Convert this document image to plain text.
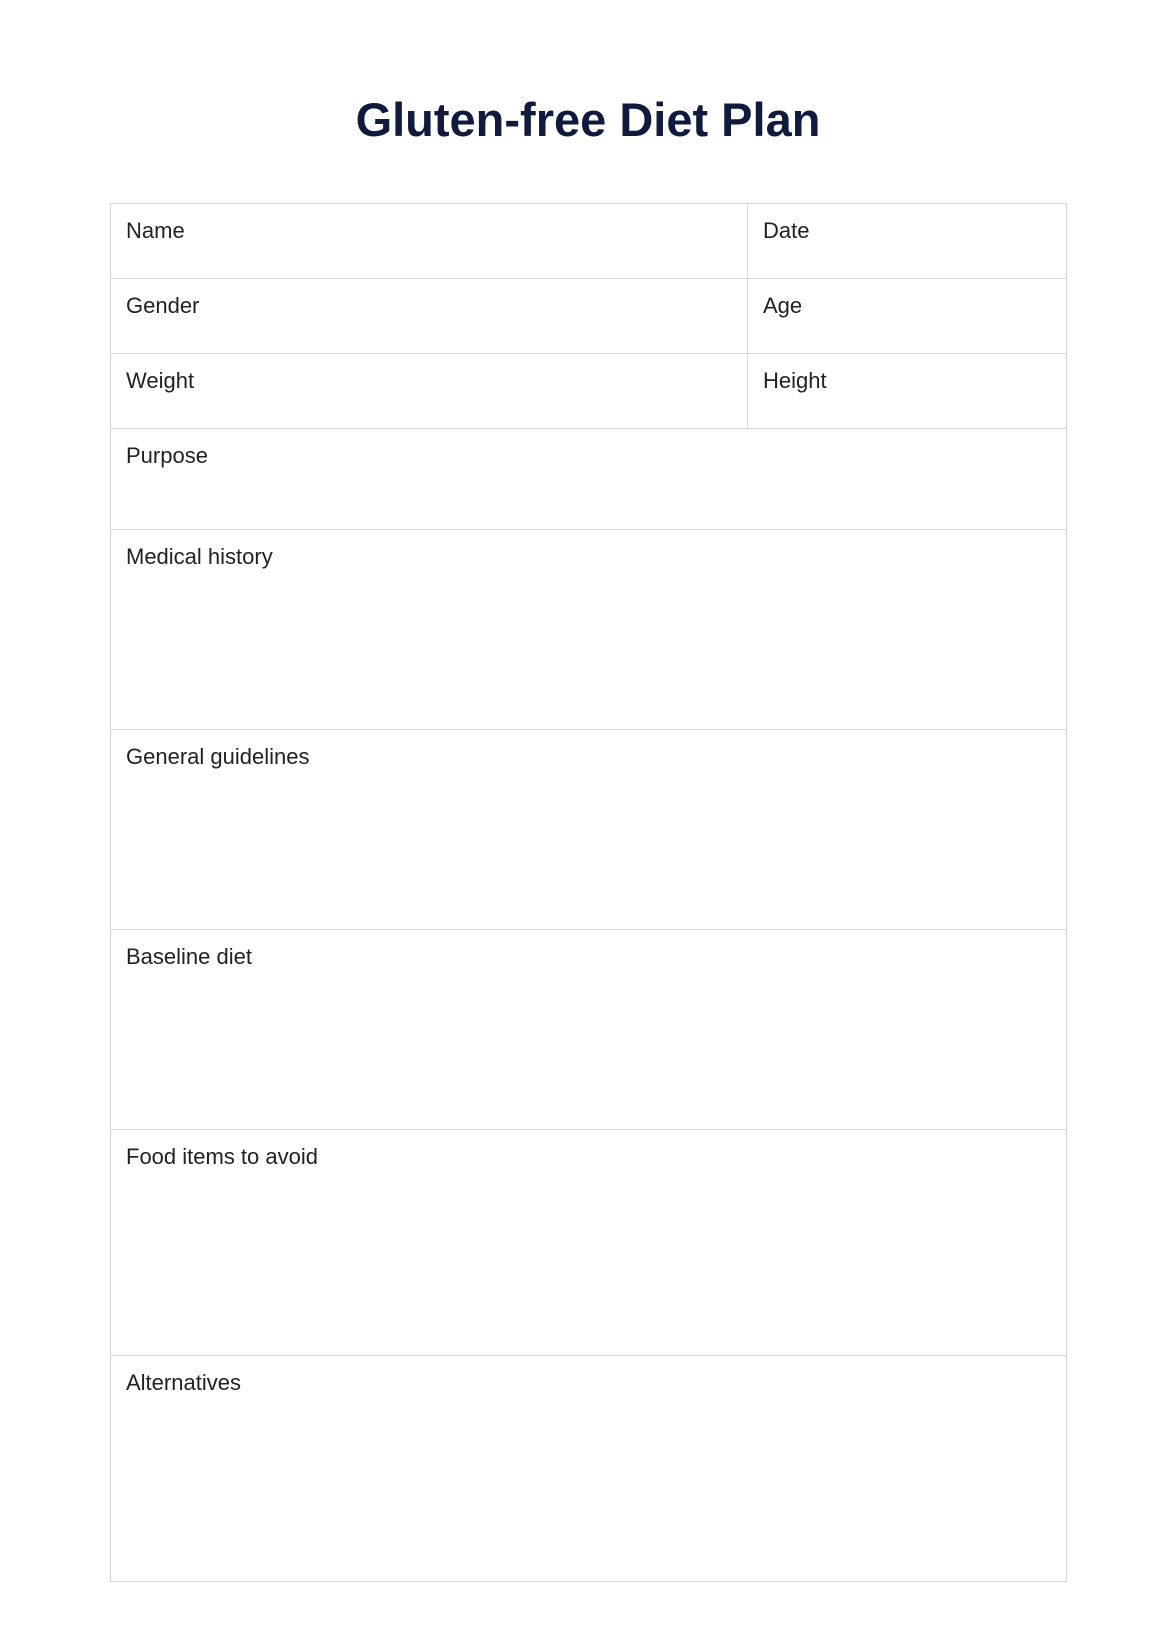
Gluten-free Diet Plan
Name	Date
Gender	Age
Weight	Height
Purpose	
Medical history	
General guidelines	
Baseline diet	
Food items to avoid	
Alternatives	
